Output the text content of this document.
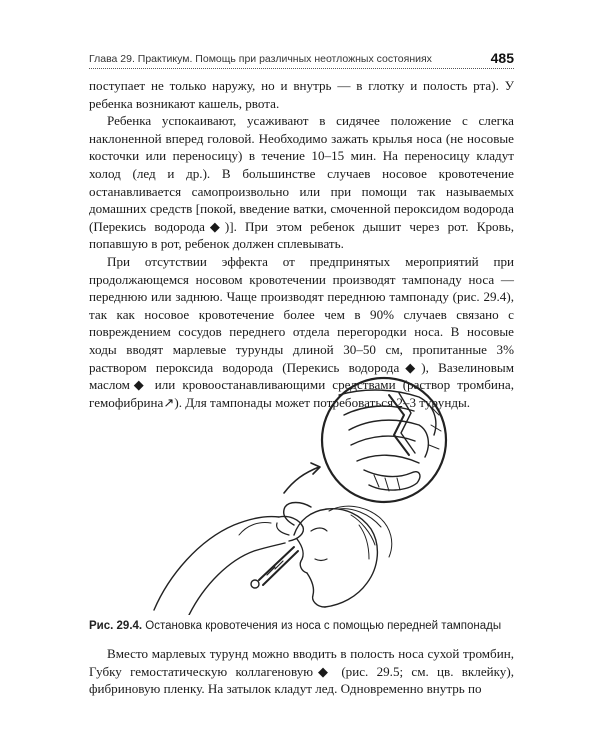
Глава 29. Практикум. Помощь при различных неотложных состояниях	485

поступает не только наружу, но и внутрь — в глотку и полость рта). У ребенка возникают кашель, рвота.

Ребенка успокаивают, усаживают в сидячее положение с слегка наклоненной вперед головой. Необходимо зажать крылья носа (не носовые косточки или переносицу) в течение 10–15 мин. На переносицу кладут холод (лед и др.). В большинстве случаев носовое кровотечение останавливается самопроизвольно или при помощи так называемых домашних средств [покой, введение ватки, смоченной пероксидом водорода (Перекись водорода◆)]. При этом ребенок дышит через рот. Кровь, попавшую в рот, ребенок должен сплевывать.

При отсутствии эффекта от предпринятых мероприятий при продолжающемся носовом кровотечении производят тампонаду носа — переднюю или заднюю. Чаще производят переднюю тампонаду (рис. 29.4), так как носовое кровотечение более чем в 90% случаев связано с повреждением сосудов переднего отдела перегородки носа. В носовые ходы вводят марлевые турунды длиной 30–50 см, пропитанные 3% раствором пероксида водорода (Перекись водорода◆), Вазелиновым маслом◆ или кровоостанавливающими средствами (раствор тромбина, гемофибрина↗). Для тампонады может потребоваться 2–3 турунды.

Рис. 29.4. Остановка кровотечения из носа с помощью передней тампонады

Вместо марлевых турунд можно вводить в полость носа сухой тромбин, Губку гемостатическую коллагеновую◆ (рис. 29.5; см. цв. вклейку), фибриновую пленку. На затылок кладут лед. Одновременно внутрь по
